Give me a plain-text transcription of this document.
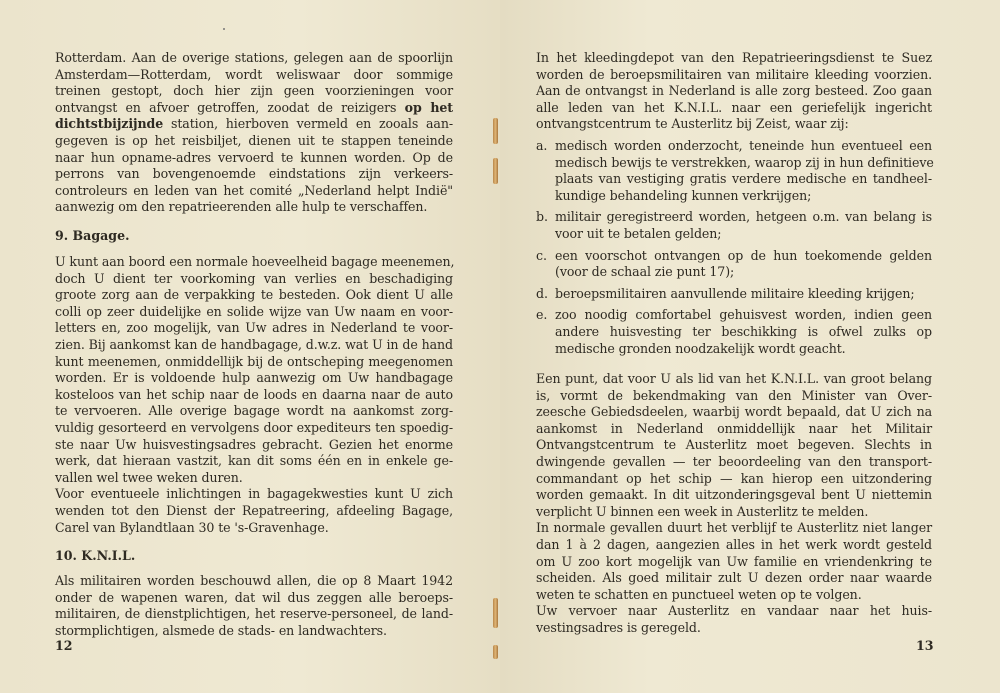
Rotterdam. Aan de overige stations, gelegen aan de spoorlijn
Amsterdam—Rotterdam, wordt weliswaar door sommige
treinen gestopt, doch hier zijn geen voorzieningen voor
ontvangst en afvoer getroffen, zoodat de reizigers op het
dichtstbijzijnde station, hierboven vermeld en zooals aan-
gegeven is op het reisbiljet, dienen uit te stappen teneinde
naar hun opname-adres vervoerd te kunnen worden. Op de
perrons van bovengenoemde eindstations zijn verkeers-
controleurs en leden van het comité „Nederland helpt Indië"
aanwezig om den repatrieerenden alle hulp te verschaffen.
9. Bagage.
U kunt aan boord een normale hoeveelheid bagage meenemen,
doch U dient ter voorkoming van verlies en beschadiging
groote zorg aan de verpakking te besteden. Ook dient U alle
colli op zeer duidelijke en solide wijze van Uw naam en voor-
letters en, zoo mogelijk, van Uw adres in Nederland te voor-
zien. Bij aankomst kan de handbagage, d.w.z. wat U in de hand
kunt meenemen, onmiddellijk bij de ontscheping meegenomen
worden. Er is voldoende hulp aanwezig om Uw handbagage
kosteloos van het schip naar de loods en daarna naar de auto
te vervoeren. Alle overige bagage wordt na aankomst zorg-
vuldig gesorteerd en vervolgens door expediteurs ten spoedig-
ste naar Uw huisvestingsadres gebracht. Gezien het enorme
werk, dat hieraan vastzit, kan dit soms één en in enkele ge-
vallen wel twee weken duren.
Voor eventueele inlichtingen in bagagekwesties kunt U zich
wenden tot den Dienst der Repatreering, afdeeling Bagage,
Carel van Bylandtlaan 30 te 's-Gravenhage.
10. K.N.I.L.
Als militairen worden beschouwd allen, die op 8 Maart 1942
onder de wapenen waren, dat wil dus zeggen alle beroeps-
militairen, de dienstplichtigen, het reserve-personeel, de land-
stormplichtigen, alsmede de stads- en landwachters.
12
In het kleedingdepot van den Repatrieeringsdienst te Suez
worden de beroepsmilitairen van militaire kleeding voorzien.
Aan de ontvangst in Nederland is alle zorg besteed. Zoo gaan
alle leden van het K.N.I.L. naar een geriefelijk ingericht
ontvangstcentrum te Austerlitz bij Zeist, waar zij:
a. medisch worden onderzocht, teneinde hun eventueel een
medisch bewijs te verstrekken, waarop zij in hun definitieve
plaats van vestiging gratis verdere medische en tandheel-
kundige behandeling kunnen verkrijgen;
b. militair geregistreerd worden, hetgeen o.m. van belang is
voor uit te betalen gelden;
c. een voorschot ontvangen op de hun toekomende gelden
(voor de schaal zie punt 17);
d. beroepsmilitairen aanvullende militaire kleeding krijgen;
e. zoo noodig comfortabel gehuisvest worden, indien geen
andere huisvesting ter beschikking is ofwel zulks op
medische gronden noodzakelijk wordt geacht.
Een punt, dat voor U als lid van het K.N.I.L. van groot belang
is, vormt de bekendmaking van den Minister van Over-
zeesche Gebiedsdeelen, waarbij wordt bepaald, dat U zich na
aankomst in Nederland onmiddellijk naar het Militair
Ontvangstcentrum te Austerlitz moet begeven. Slechts in
dwingende gevallen — ter beoordeeling van den transport-
commandant op het schip — kan hierop een uitzondering
worden gemaakt. In dit uitzonderingsgeval bent U niettemin
verplicht U binnen een week in Austerlitz te melden.
In normale gevallen duurt het verblijf te Austerlitz niet langer
dan 1 à 2 dagen, aangezien alles in het werk wordt gesteld
om U zoo kort mogelijk van Uw familie en vriendenkring te
scheiden. Als goed militair zult U dezen order naar waarde
weten te schatten en punctueel weten op te volgen.
Uw vervoer naar Austerlitz en vandaar naar het huis-
vestingsadres is geregeld.
13
